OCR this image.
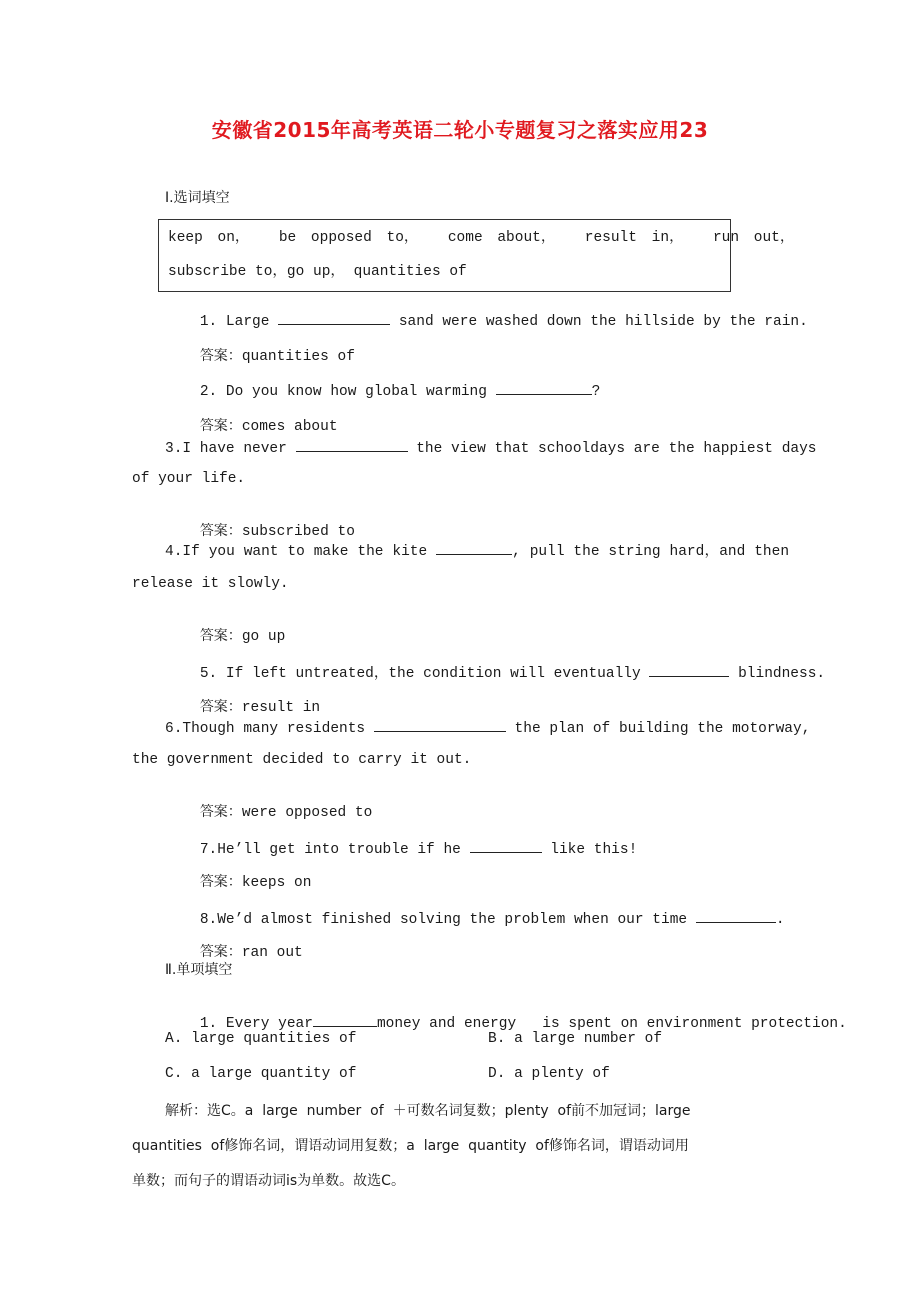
安徽省2015年高考英语二轮小专题复习之落实应用23
Ⅰ.选词填空
keep on，  be opposed to，  come about，  result in，  run out，
subscribe to，go up， quantities of

1. Large	sand were washed down the hillside by the rain.

答案：quantities of

2. Do you know how global warming	?

答案：comes about

3.I have never	the view that schooldays are the happiest days
of your life.

答案：subscribed to

4.If you want to make the kite	, pull the string hard，and then
release it slowly.

答案：go up

5. If left untreated，the condition will eventually	blindness.

答案：result in

6.Though many residents	the plan of building the motorway,
the government decided to carry it out.

答案：were opposed to

7.He’ll get into trouble if he	like this!

答案：keeps on

8.We’d almost finished solving the problem when our time	.

答案：ran out

Ⅱ.单项填空

1. Every year	money and energy   is spent on environment protection.

A. large quantities of	B. a large number of
C. a large quantity of	D. a plenty of
解析：选C。a  large  number  of  ＋可数名词复数；plenty  of前不加冠词；large
quantities  of修饰名词，谓语动词用复数；a  large  quantity  of修饰名词，谓语动词用
单数；而句子的谓语动词is为单数。故选C。
